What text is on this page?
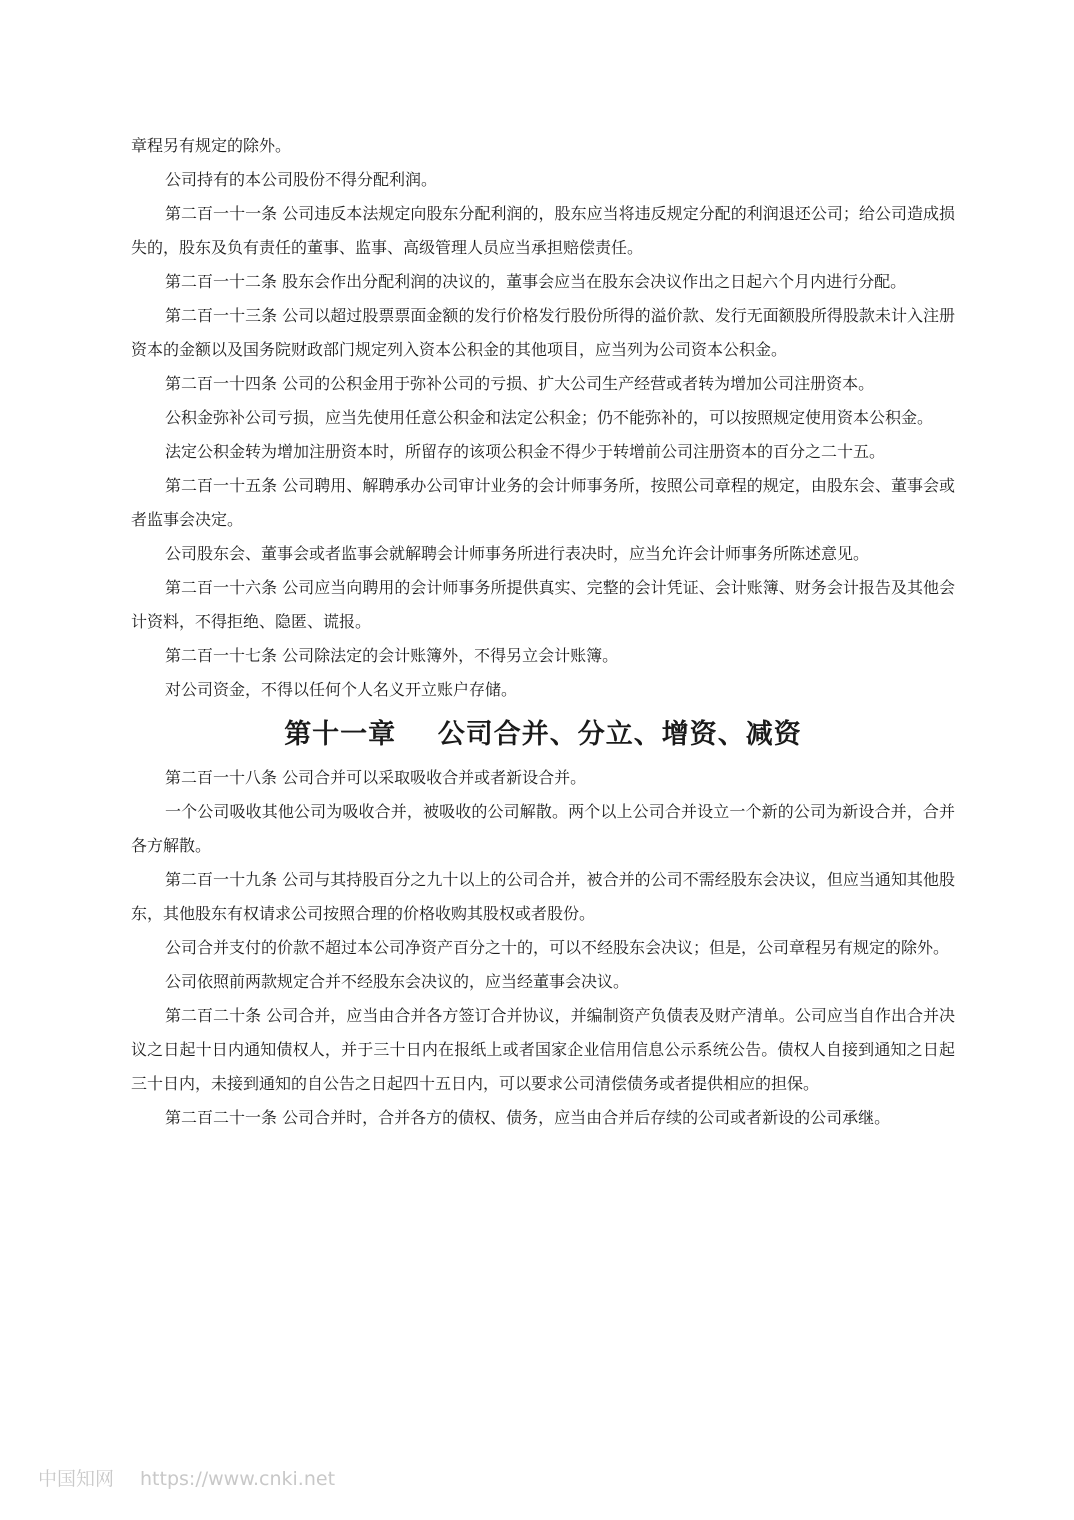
章程另有规定的除外。

公司持有的本公司股份不得分配利润。

第二百一十一条 公司违反本法规定向股东分配利润的，股东应当将违反规定分配的利润退还公司；给公司造成损失的，股东及负有责任的董事、监事、高级管理人员应当承担赔偿责任。

第二百一十二条 股东会作出分配利润的决议的，董事会应当在股东会决议作出之日起六个月内进行分配。

第二百一十三条 公司以超过股票票面金额的发行价格发行股份所得的溢价款、发行无面额股所得股款未计入注册资本的金额以及国务院财政部门规定列入资本公积金的其他项目，应当列为公司资本公积金。

第二百一十四条 公司的公积金用于弥补公司的亏损、扩大公司生产经营或者转为增加公司注册资本。

公积金弥补公司亏损，应当先使用任意公积金和法定公积金；仍不能弥补的，可以按照规定使用资本公积金。

法定公积金转为增加注册资本时，所留存的该项公积金不得少于转增前公司注册资本的百分之二十五。

第二百一十五条 公司聘用、解聘承办公司审计业务的会计师事务所，按照公司章程的规定，由股东会、董事会或者监事会决定。

公司股东会、董事会或者监事会就解聘会计师事务所进行表决时，应当允许会计师事务所陈述意见。

第二百一十六条 公司应当向聘用的会计师事务所提供真实、完整的会计凭证、会计账簿、财务会计报告及其他会计资料，不得拒绝、隐匿、谎报。

第二百一十七条 公司除法定的会计账簿外，不得另立会计账簿。

对公司资金，不得以任何个人名义开立账户存储。

第十一章    公司合并、分立、增资、减资

第二百一十八条 公司合并可以采取吸收合并或者新设合并。

一个公司吸收其他公司为吸收合并，被吸收的公司解散。两个以上公司合并设立一个新的公司为新设合并，合并各方解散。

第二百一十九条 公司与其持股百分之九十以上的公司合并，被合并的公司不需经股东会决议，但应当通知其他股东，其他股东有权请求公司按照合理的价格收购其股权或者股份。

公司合并支付的价款不超过本公司净资产百分之十的，可以不经股东会决议；但是，公司章程另有规定的除外。

公司依照前两款规定合并不经股东会决议的，应当经董事会决议。

第二百二十条 公司合并，应当由合并各方签订合并协议，并编制资产负债表及财产清单。公司应当自作出合并决议之日起十日内通知债权人，并于三十日内在报纸上或者国家企业信用信息公示系统公告。债权人自接到通知之日起三十日内，未接到通知的自公告之日起四十五日内，可以要求公司清偿债务或者提供相应的担保。

第二百二十一条 公司合并时，合并各方的债权、债务，应当由合并后存续的公司或者新设的公司承继。

中国知网 https://www.cnki.net
